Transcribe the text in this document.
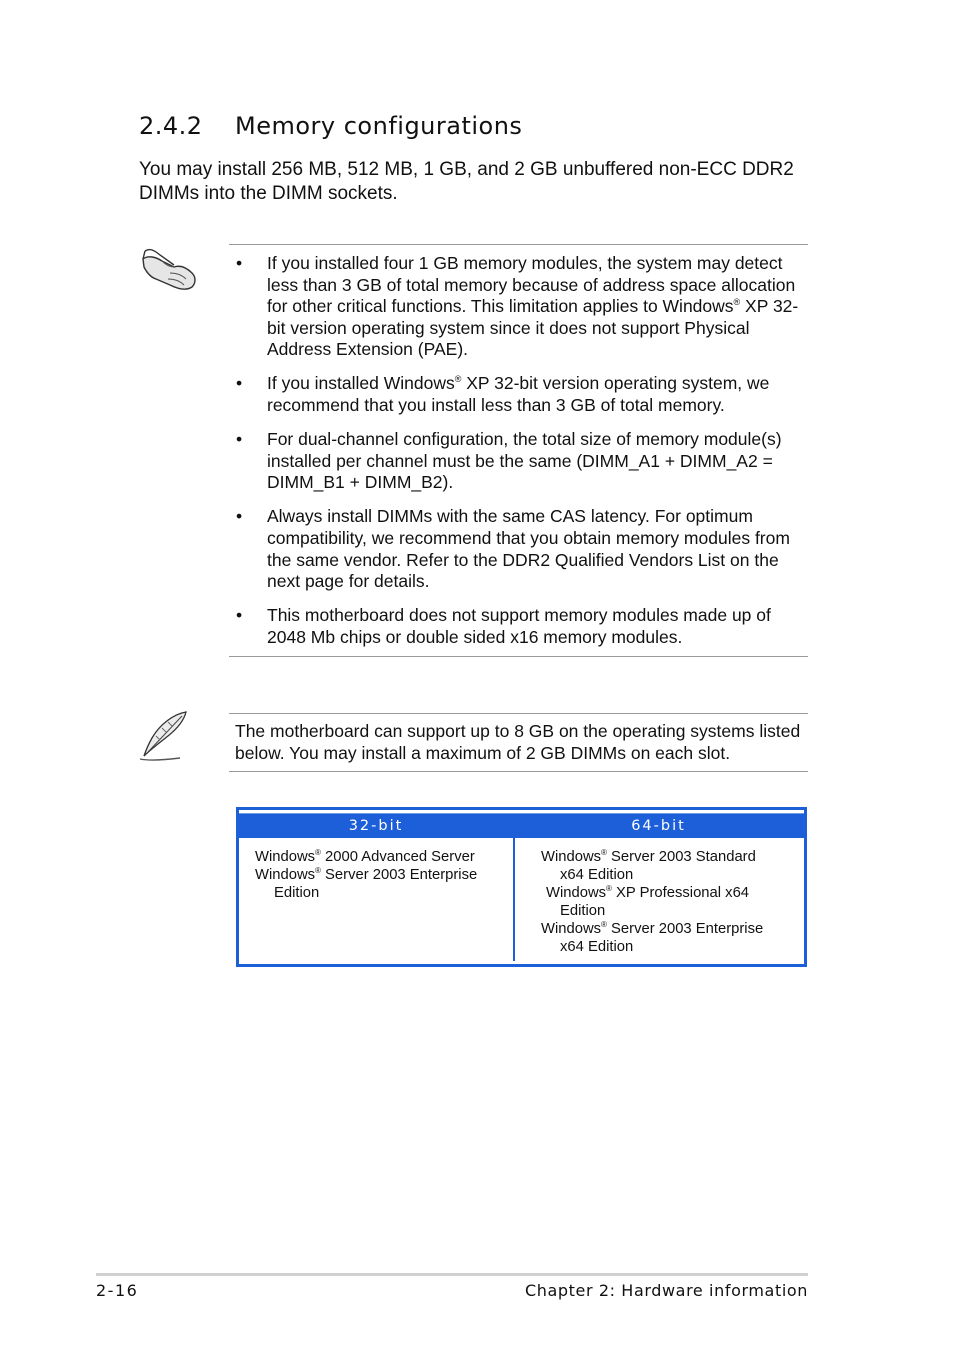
2.4.2 Memory configurations

You may install 256 MB, 512 MB, 1 GB, and 2 GB unbuffered non-ECC DDR2 DIMMs into the DIMM sockets.

• If you installed four 1 GB memory modules, the system may detect less than 3 GB of total memory because of address space allocation for other critical functions. This limitation applies to Windows® XP 32-bit version operating system since it does not support Physical Address Extension (PAE).
• If you installed Windows® XP 32-bit version operating system, we recommend that you install less than 3 GB of total memory.
• For dual-channel configuration, the total size of memory module(s) installed per channel must be the same (DIMM_A1 + DIMM_A2 = DIMM_B1 + DIMM_B2).
• Always install DIMMs with the same CAS latency. For optimum compatibility, we recommend that you obtain memory modules from the same vendor. Refer to the DDR2 Qualified Vendors List on the next page for details.
• This motherboard does not support memory modules made up of 2048 Mb chips or double sided x16 memory modules.

The motherboard can support up to 8 GB on the operating systems listed below. You may install a maximum of 2 GB DIMMs on each slot.

32-bit	64-bit

Windows® 2000 Advanced Server

Windows® Server 2003 Enterprise
Edition

Windows® Server 2003 Standard
x64 Edition

Windows® XP Professional x64
Edition

Windows® Server 2003 Enterprise
x64 Edition

2-16	Chapter 2: Hardware information
